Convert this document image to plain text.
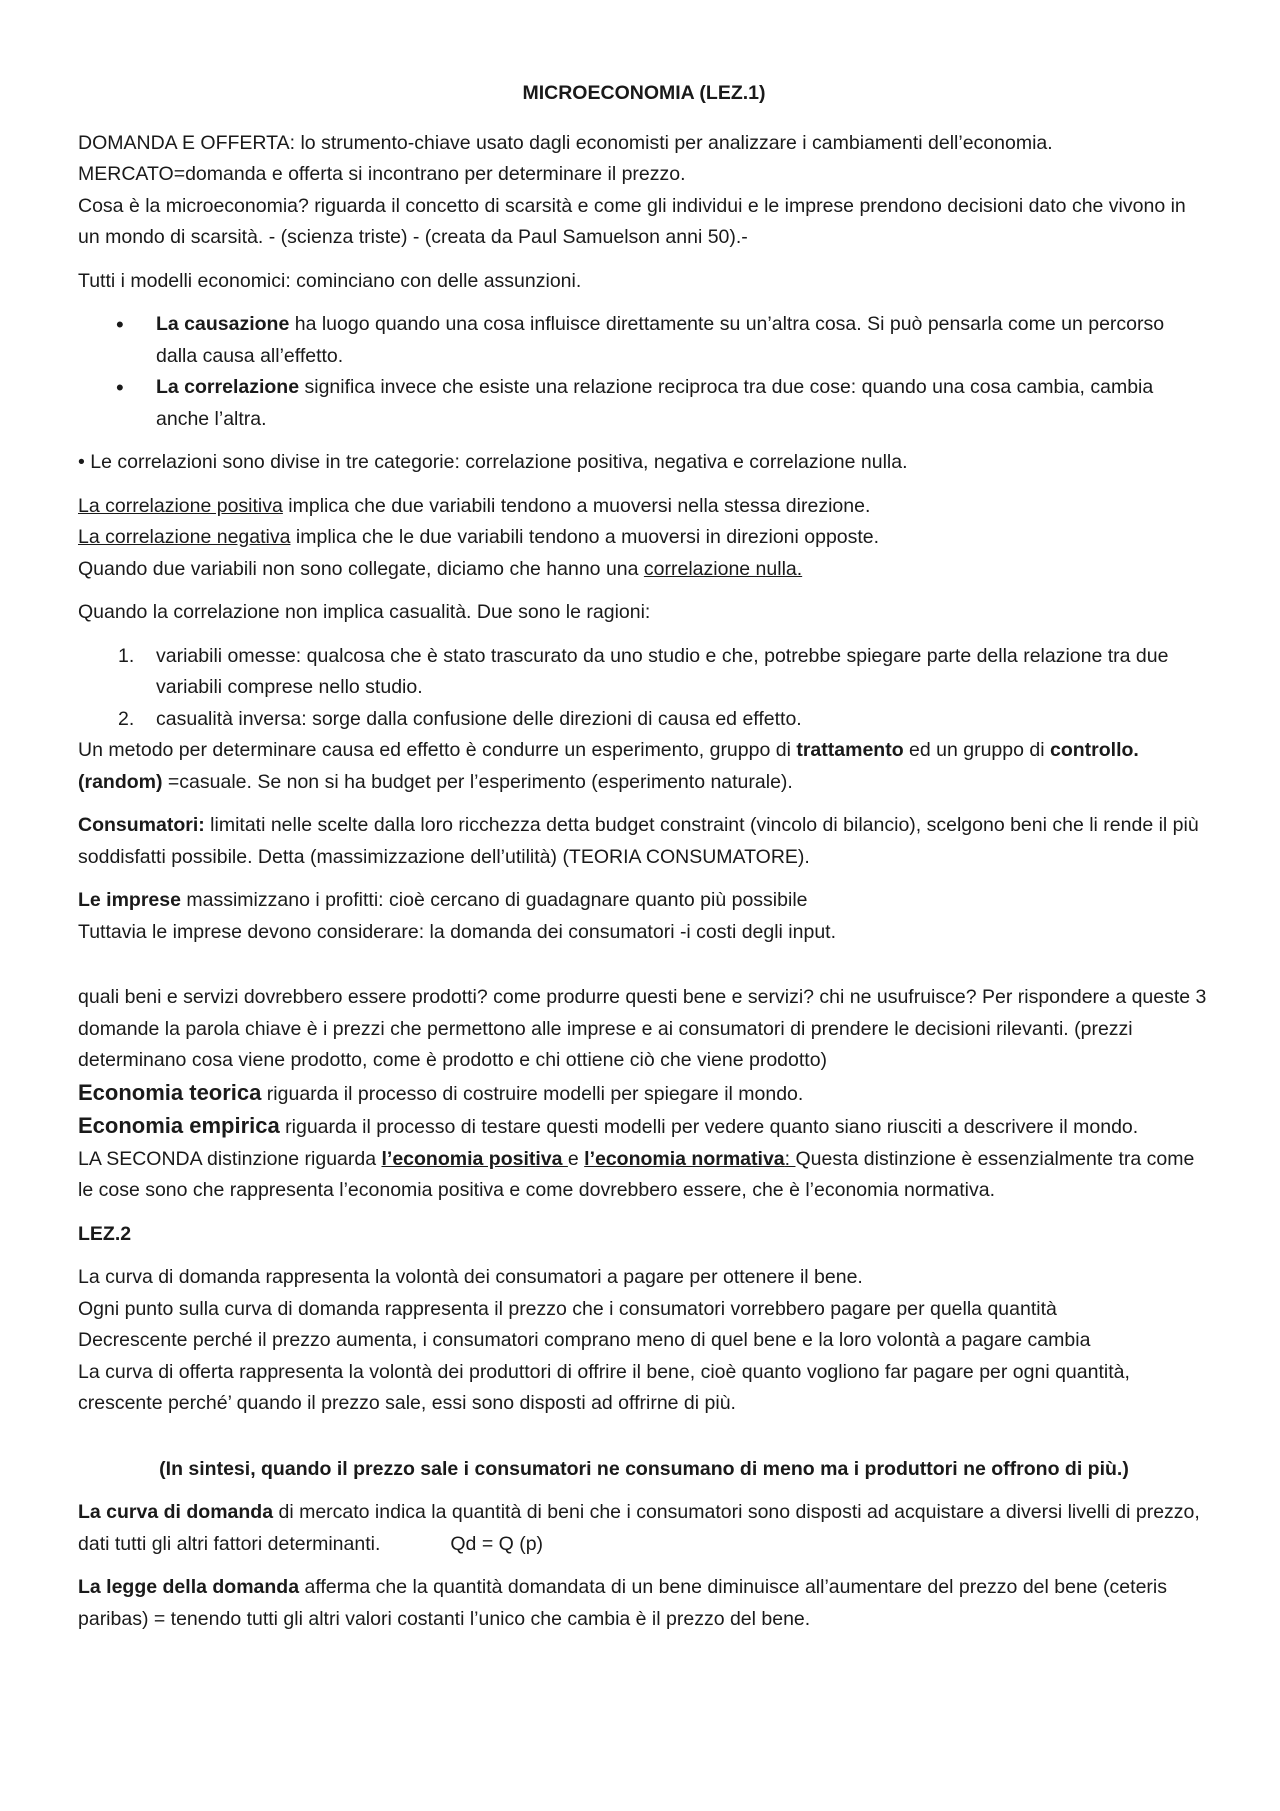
MICROECONOMIA (LEZ.1)

DOMANDA E OFFERTA: lo strumento-chiave usato dagli economisti per analizzare i cambiamenti dell’economia.
MERCATO=domanda e offerta si incontrano per determinare il prezzo.
Cosa è la microeconomia? riguarda il concetto di scarsità e come gli individui e le imprese prendono decisioni dato che vivono in un mondo di scarsità. - (scienza triste) - (creata da Paul Samuelson anni 50).-

Tutti i modelli economici: cominciano con delle assunzioni.

• La causazione ha luogo quando una cosa influisce direttamente su un’altra cosa. Si può pensarla come un percorso dalla causa all’effetto.
• La correlazione significa invece che esiste una relazione reciproca tra due cose: quando una cosa cambia, cambia anche l’altra.

• Le correlazioni sono divise in tre categorie: correlazione positiva, negativa e correlazione nulla.

La correlazione positiva implica che due variabili tendono a muoversi nella stessa direzione.
La correlazione negativa implica che le due variabili tendono a muoversi in direzioni opposte.
Quando due variabili non sono collegate, diciamo che hanno una correlazione nulla.

Quando la correlazione non implica casualità. Due sono le ragioni:

1. variabili omesse: qualcosa che è stato trascurato da uno studio e che, potrebbe spiegare parte della relazione tra due variabili comprese nello studio.
2. casualità inversa: sorge dalla confusione delle direzioni di causa ed effetto.
Un metodo per determinare causa ed effetto è condurre un esperimento, gruppo di trattamento ed un gruppo di controllo. (random) =casuale. Se non si ha budget per l’esperimento (esperimento naturale).

Consumatori: limitati nelle scelte dalla loro ricchezza detta budget constraint (vincolo di bilancio), scelgono beni che li rende il più soddisfatti possibile. Detta (massimizzazione dell’utilità) (TEORIA CONSUMATORE).

Le imprese massimizzano i profitti: cioè cercano di guadagnare quanto più possibile
Tuttavia le imprese devono considerare: la domanda dei consumatori -i costi degli input.

quali beni e servizi dovrebbero essere prodotti? come produrre questi bene e servizi? chi ne usufruisce? Per rispondere a queste 3 domande la parola chiave è i prezzi che permettono alle imprese e ai consumatori di prendere le decisioni rilevanti. (prezzi determinano cosa viene prodotto, come è prodotto e chi ottiene ciò che viene prodotto)
Economia teorica riguarda il processo di costruire modelli per spiegare il mondo.
Economia empirica riguarda il processo di testare questi modelli per vedere quanto siano riusciti a descrivere il mondo.

LA SECONDA distinzione riguarda l’economia positiva e l’economia normativa: Questa distinzione è essenzialmente tra come le cose sono che rappresenta l’economia positiva e come dovrebbero essere, che è l’economia normativa.

LEZ.2

La curva di domanda rappresenta la volontà dei consumatori a pagare per ottenere il bene.
Ogni punto sulla curva di domanda rappresenta il prezzo che i consumatori vorrebbero pagare per quella quantità
Decrescente perché il prezzo aumenta, i consumatori comprano meno di quel bene e la loro volontà a pagare cambia
La curva di offerta rappresenta la volontà dei produttori di offrire il bene, cioè quanto vogliono far pagare per ogni quantità, crescente perché’ quando il prezzo sale, essi sono disposti ad offrirne di più.

(In sintesi, quando il prezzo sale i consumatori ne consumano di meno ma i produttori ne offrono di più.)

La curva di domanda di mercato indica la quantità di beni che i consumatori sono disposti ad acquistare a diversi livelli di prezzo, dati tutti gli altri fattori determinanti.	Qd = Q (p)

La legge della domanda afferma che la quantità domandata di un bene diminuisce all’aumentare del prezzo del bene (ceteris paribas) = tenendo tutti gli altri valori costanti l’unico che cambia è il prezzo del bene.
